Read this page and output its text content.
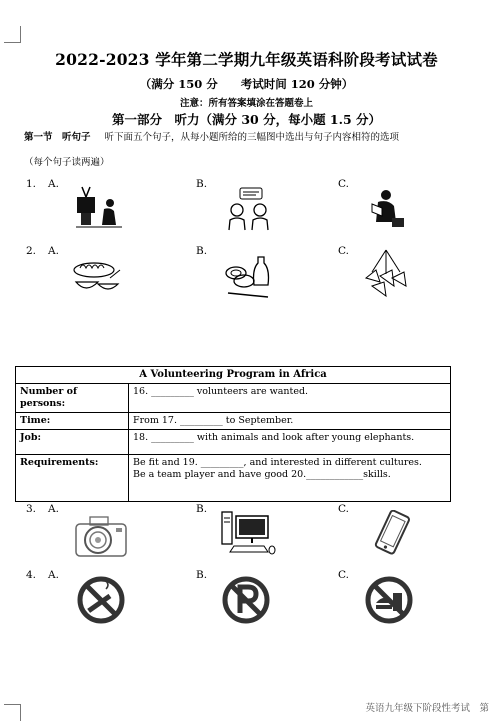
2022-2023 学年第二学期九年级英语科阶段考试试卷
（满分 150 分　　考试时间 120 分钟）
注意：所有答案填涂在答题卷上
第一部分　听力（满分 30 分，每小题 1.5 分）
第一节　听句子 听下面五个句子，从每小题所给的三幅图中选出与句子内容相符的选项
（每个句子读两遍）
1. A.	B.	C.
2. A.	B.	C.
A Volunteering Program in Africa	
Number of persons:	16. _________ volunteers are wanted.
Time:	From 17. _________ to September.
Job:	18. _________ with animals and look after young elephants.
Requirements:	Be fit and 19. _________, and interested in different cultures.
Be a team player and have good 20.____________skills.
3. A.	B.	C.
4. A.	B.	C.
英语九年级下阶段性考试　第
